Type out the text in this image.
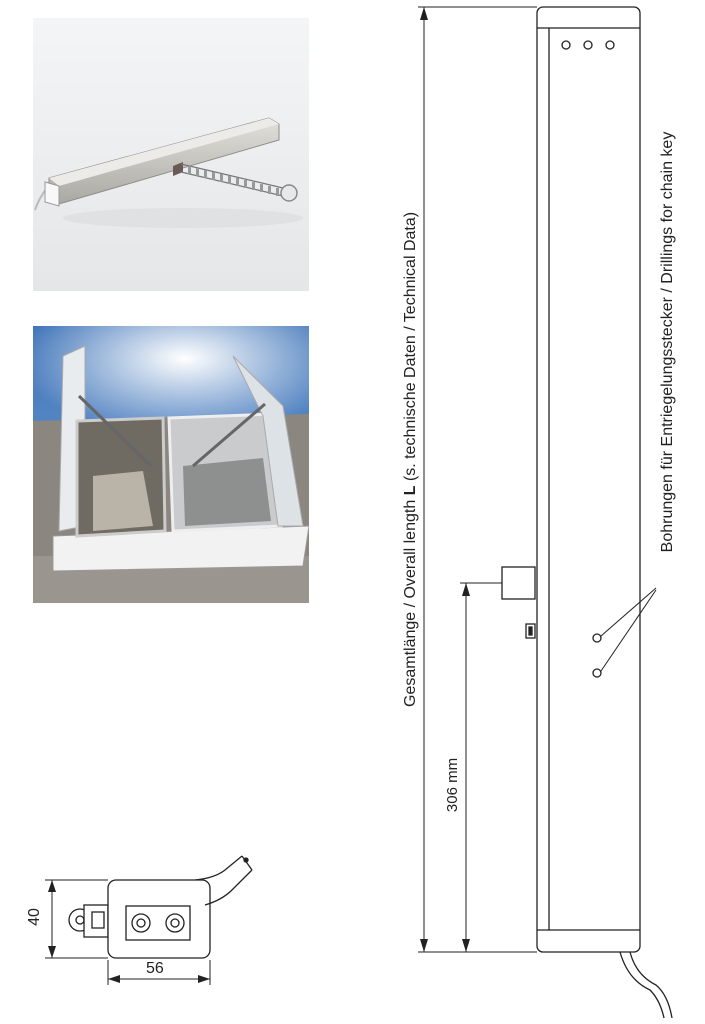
Gesamtlänge / Overall length L (s. technische Daten / Technical Data)
306 mm
Bohrungen für Entriegelungsstecker / Drillings for chain key
56
40
